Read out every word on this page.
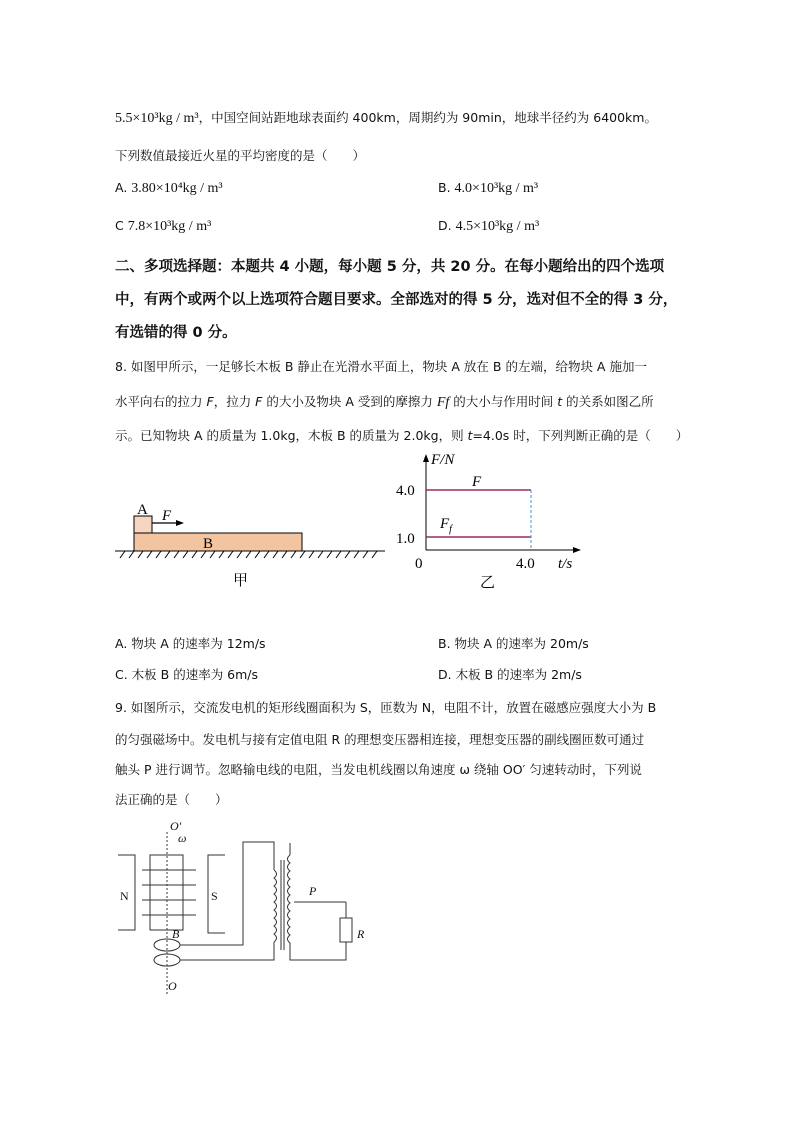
5.5×10³kg / m³，中国空间站距地球表面约 400km，周期约为 90min，地球半径约为 6400km。
下列数值最接近火星的平均密度的是（　　）
A. 3.80×10⁴kg / m³	B. 4.0×10³kg / m³
C 7.8×10³kg / m³	D. 4.5×10³kg / m³
二、多项选择题：本题共 4 小题，每小题 5 分，共 20 分。在每小题给出的四个选项
中，有两个或两个以上选项符合题目要求。全部选对的得 5 分，选对但不全的得 3 分，
有选错的得 0 分。
8. 如图甲所示，一足够长木板 B 静止在光滑水平面上，物块 A 放在 B 的左端，给物块 A 施加一
水平向右的拉力 F，拉力 F 的大小及物块 A 受到的摩擦力 Ff 的大小与作用时间 t 的关系如图乙所
示。已知物块 A 的质量为 1.0kg，木板 B 的质量为 2.0kg，则 t=4.0s 时，下列判断正确的是（　　）
A F
B
甲
F/N
4.0
1.0
0	4.0 t/s
F
$F_f$
乙
A. 物块 A 的速率为 12m/s	B. 物块 A 的速率为 20m/s
C. 木板 B 的速率为 6m/s	D. 木板 B 的速率为 2m/s
9. 如图所示，交流发电机的矩形线圈面积为 S，匝数为 N，电阻不计，放置在磁感应强度大小为 B
的匀强磁场中。发电机与接有定值电阻 R 的理想变压器相连接，理想变压器的副线圈匝数可通过
触头 P 进行调节。忽略输电线的电阻，当发电机线圈以角速度 ω 绕轴 OO′ 匀速转动时，下列说
法正确的是（　　）
O′
ω
N	S
B
P
R
O
